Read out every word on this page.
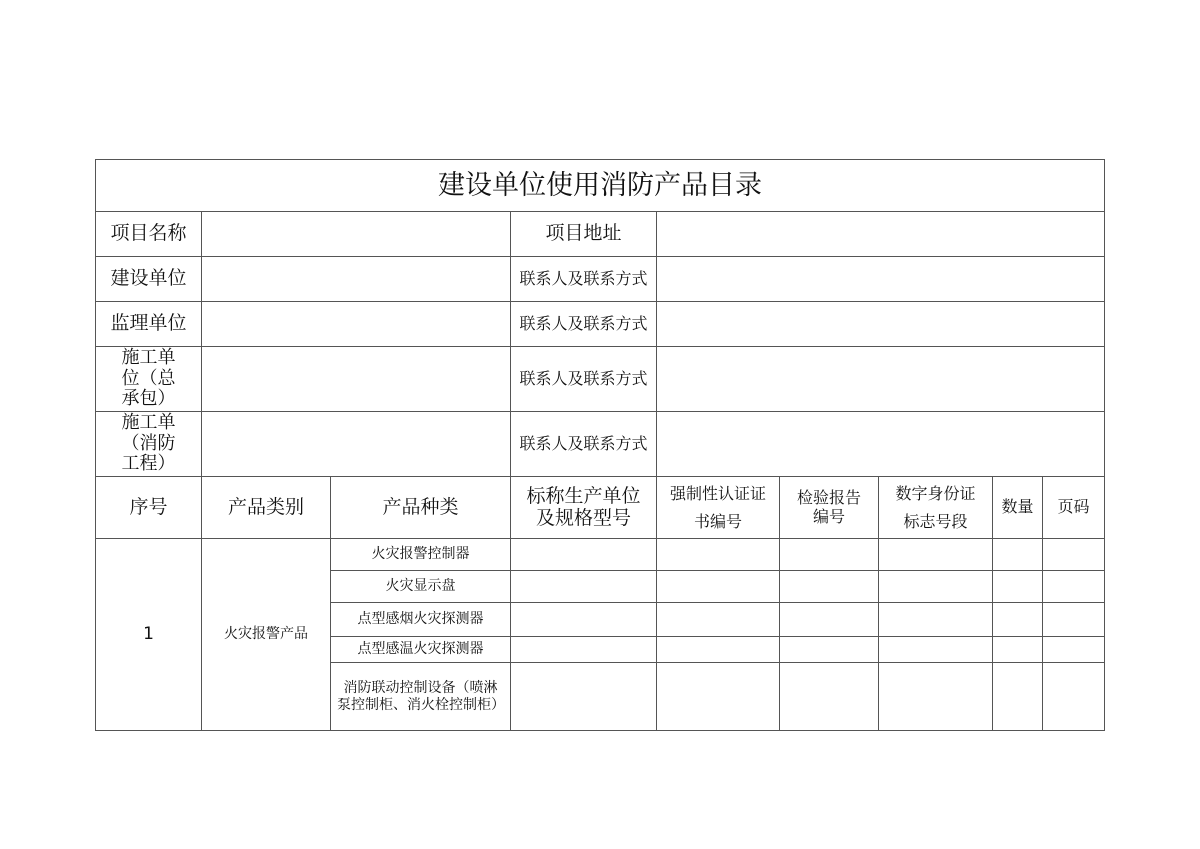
建设单位使用消防产品目录								
项目名称			项目地址					
建设单位			联系人及联系方式					
监理单位			联系人及联系方式					
施工单位（总承包）			联系人及联系方式					
施工单（消防工程）			联系人及联系方式					
序号	产品类别	产品种类	标称生产单位及规格型号	强制性认证证书编号	检验报告编号	数字身份证标志号段	数量	页码
1	火灾报警产品	火灾报警控制器						
		火灾显示盘						
		点型感烟火灾探测器						
		点型感温火灾探测器						
		消防联动控制设备（喷淋泵控制柜、消火栓控制柜）						
